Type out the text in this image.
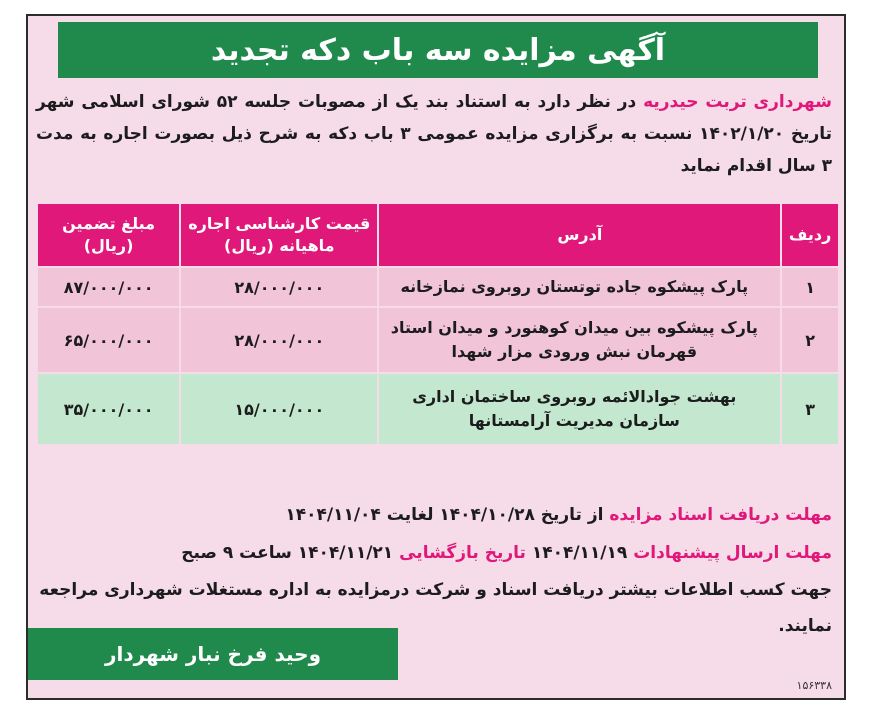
آگهی مزایده سه باب دکه تجدید
شهرداری تربت حیدریه در نظر دارد به استناد بند یک از مصوبات جلسه ۵۲ شورای اسلامی شهر تاریخ ۱۴۰۲/۱/۲۰ نسبت به برگزاری مزایده عمومی ۳ باب دکه به شرح ذیل بصورت اجاره به مدت ۳ سال اقدام نماید
ردیف	آدرس	قیمت کارشناسی اجاره ماهیانه (ریال)	مبلغ تضمین (ریال)
۱	پارک پیشکوه جاده توتستان روبروی نمازخانه	۲۸/۰۰۰/۰۰۰	۸۷/۰۰۰/۰۰۰
۲	پارک پیشکوه بین میدان کوهنورد و میدان استاد قهرمان نبش ورودی مزار شهدا	۲۸/۰۰۰/۰۰۰	۶۵/۰۰۰/۰۰۰
۳	بهشت جوادالائمه روبروی ساختمان اداری سازمان مدیریت آرامستانها	۱۵/۰۰۰/۰۰۰	۳۵/۰۰۰/۰۰۰
مهلت دریافت اسناد مزایده از تاریخ ۱۴۰۴/۱۰/۲۸ لغایت ۱۴۰۴/۱۱/۰۴
مهلت ارسال پیشنهادات ۱۴۰۴/۱۱/۱۹ تاریخ بازگشایی ۱۴۰۴/۱۱/۲۱ ساعت ۹ صبح
جهت کسب اطلاعات بیشتر دریافت اسناد و شرکت درمزایده به اداره مستغلات شهرداری مراجعه نمایند.
وحید فرخ نبار شهردار
۱۵۶۳۳۸
